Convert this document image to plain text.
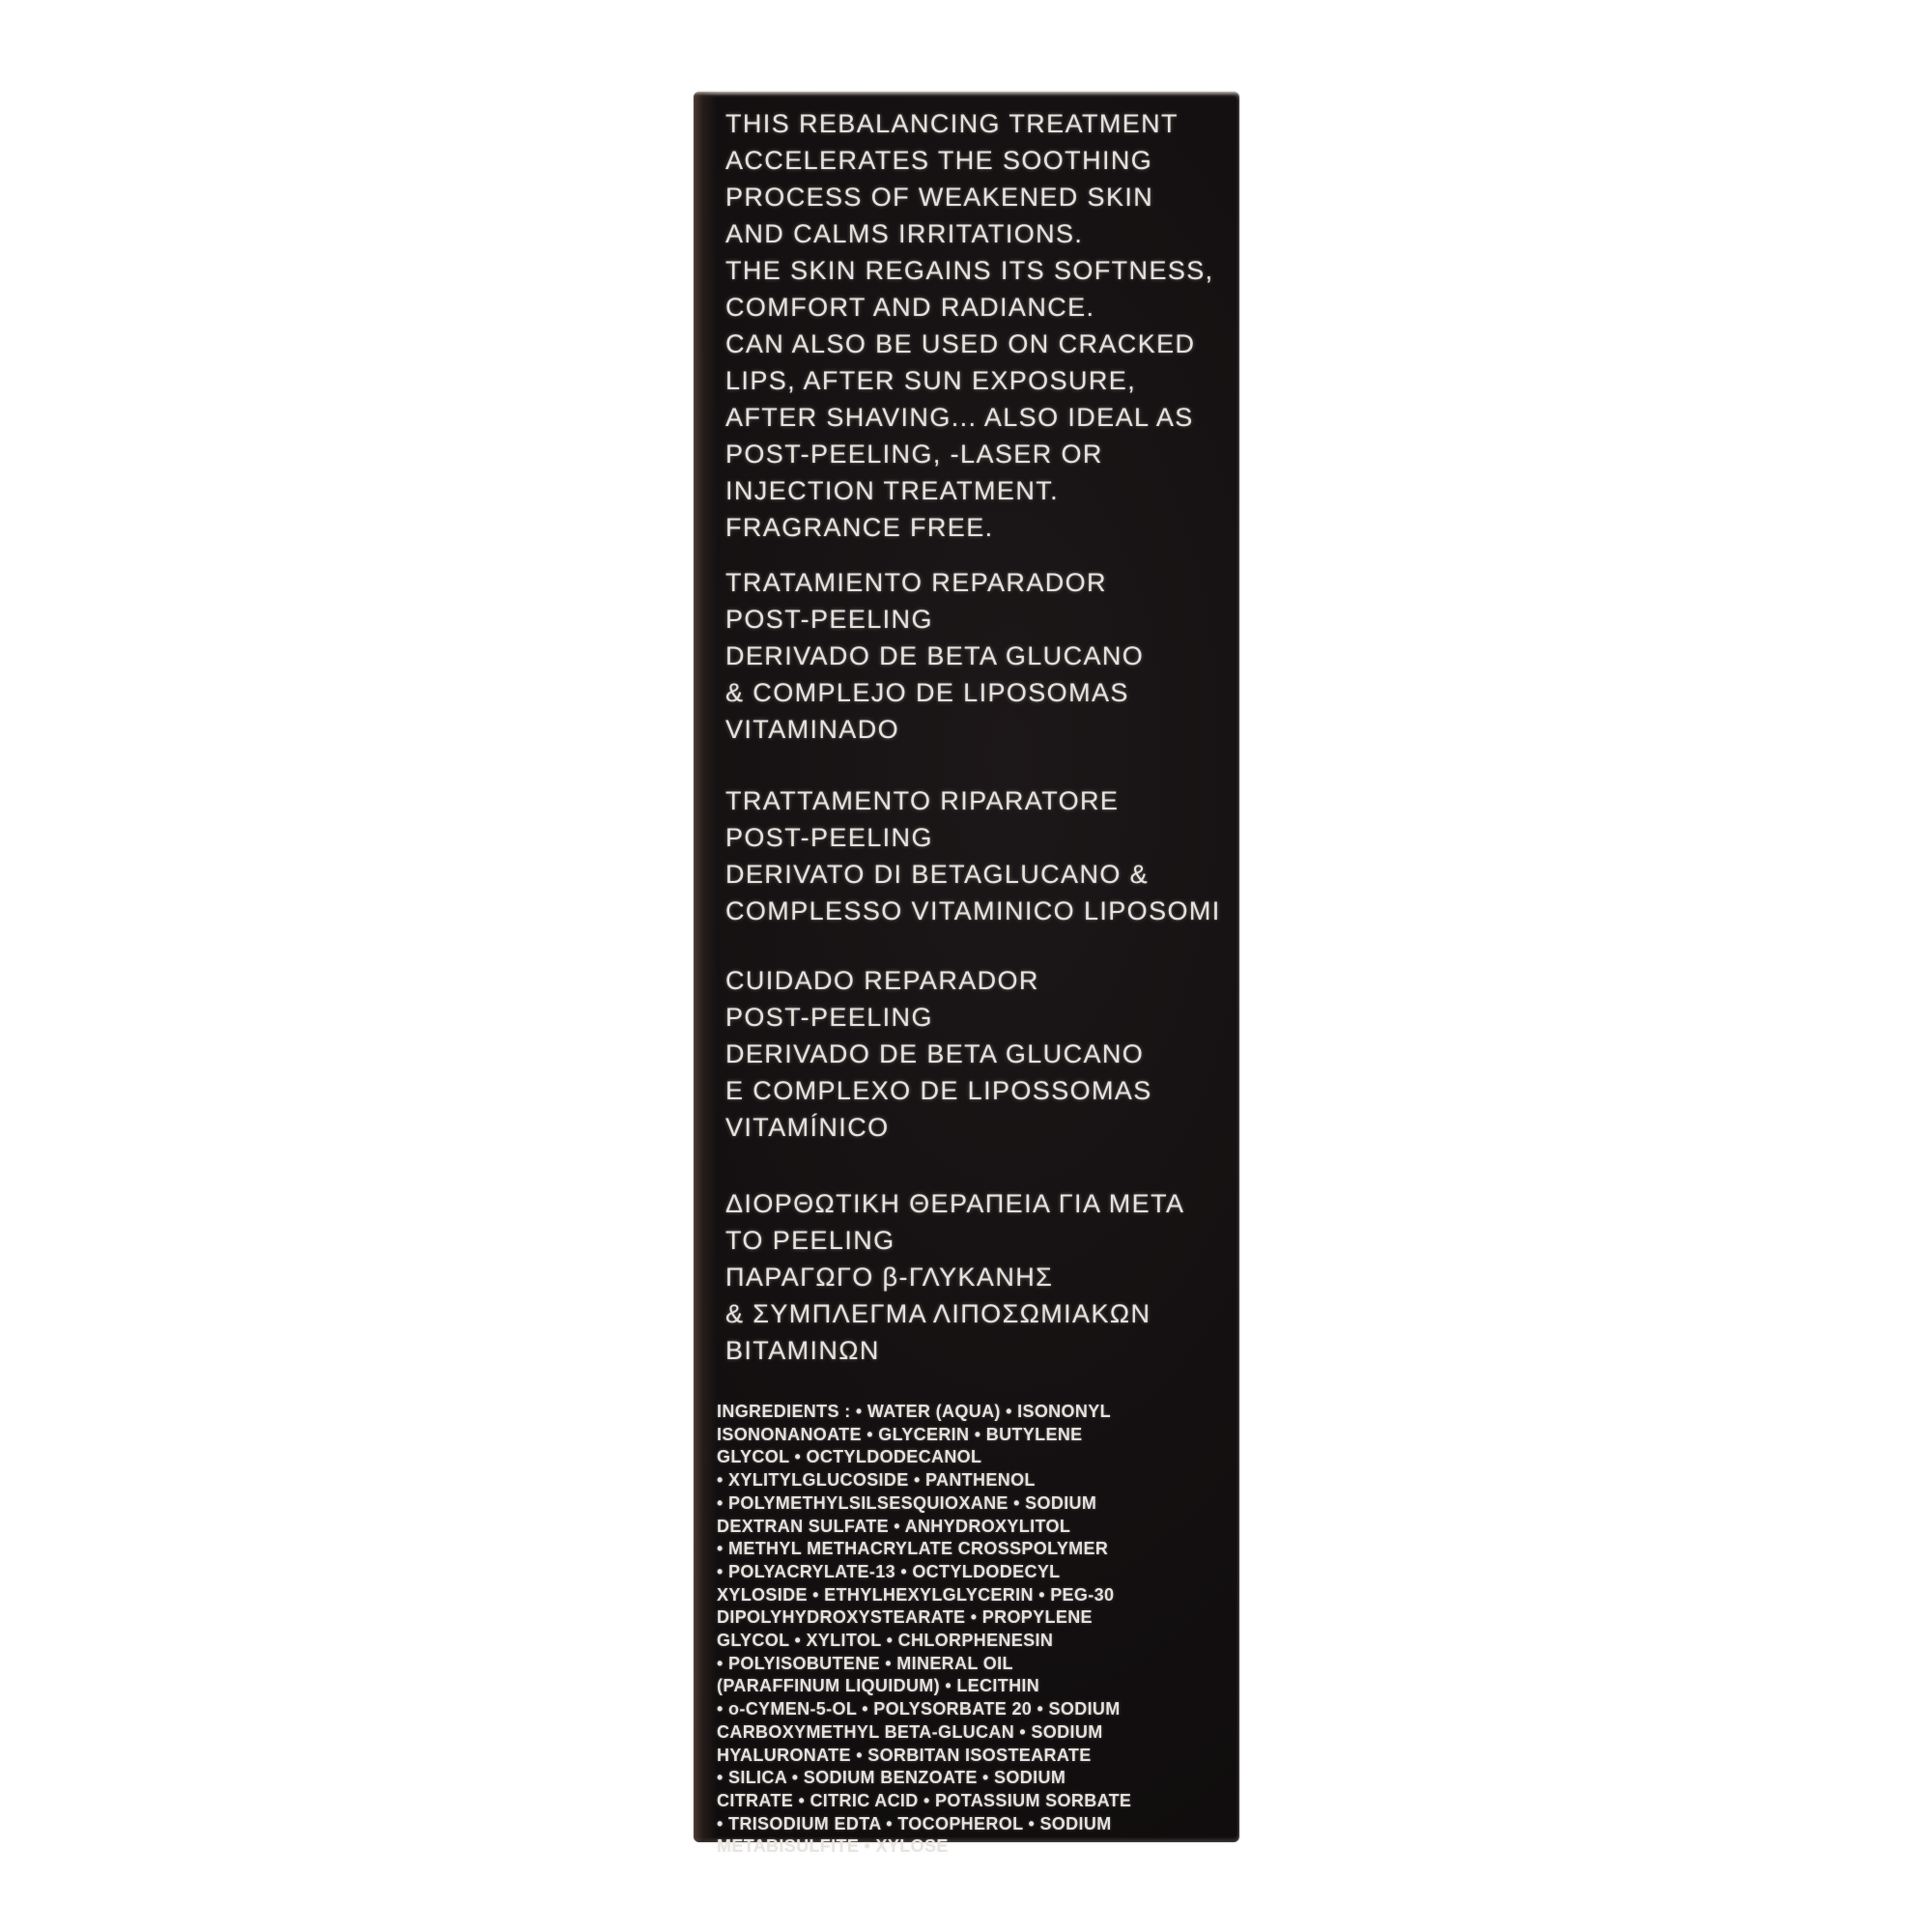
THIS REBALANCING TREATMENT
ACCELERATES THE SOOTHING
PROCESS OF WEAKENED SKIN
AND CALMS IRRITATIONS.
THE SKIN REGAINS ITS SOFTNESS,
COMFORT AND RADIANCE.
CAN ALSO BE USED ON CRACKED
LIPS, AFTER SUN EXPOSURE,
AFTER SHAVING... ALSO IDEAL AS
POST-PEELING, -LASER OR
INJECTION TREATMENT.
FRAGRANCE FREE.
TRATAMIENTO REPARADOR
POST-PEELING
DERIVADO DE BETA GLUCANO
& COMPLEJO DE LIPOSOMAS
VITAMINADO
TRATTAMENTO RIPARATORE
POST-PEELING
DERIVATO DI BETAGLUCANO &
COMPLESSO VITAMINICO LIPOSOMI
CUIDADO REPARADOR
POST-PEELING
DERIVADO DE BETA GLUCANO
E COMPLEXO DE LIPOSSOMAS
VITAMÍNICO
ΔΙΟΡΘΩΤΙΚΗ ΘΕΡΑΠΕΙΑ ΓΙΑ ΜΕΤΑ
ΤΟ PEELING
ΠΑΡΑΓΩΓΟ β-ΓΛΥΚΑΝΗΣ
& ΣΥΜΠΛΕΓΜΑ ΛΙΠΟΣΩΜΙΑΚΩΝ
ΒΙΤΑΜΙΝΩΝ
INGREDIENTS : • WATER (AQUA) • ISONONYL
ISONONANOATE • GLYCERIN • BUTYLENE
GLYCOL • OCTYLDODECANOL
• XYLITYLGLUCOSIDE • PANTHENOL
• POLYMETHYLSILSESQUIOXANE • SODIUM
DEXTRAN SULFATE • ANHYDROXYLITOL
• METHYL METHACRYLATE CROSSPOLYMER
• POLYACRYLATE-13 • OCTYLDODECYL
XYLOSIDE • ETHYLHEXYLGLYCERIN • PEG-30
DIPOLYHYDROXYSTEARATE • PROPYLENE
GLYCOL • XYLITOL • CHLORPHENESIN
• POLYISOBUTENE • MINERAL OIL
(PARAFFINUM LIQUIDUM) • LECITHIN
• o-CYMEN-5-OL • POLYSORBATE 20 • SODIUM
CARBOXYMETHYL BETA-GLUCAN • SODIUM
HYALURONATE • SORBITAN ISOSTEARATE
• SILICA • SODIUM BENZOATE • SODIUM
CITRATE • CITRIC ACID • POTASSIUM SORBATE
• TRISODIUM EDTA • TOCOPHEROL • SODIUM
METABISULFITE • XYLOSE
